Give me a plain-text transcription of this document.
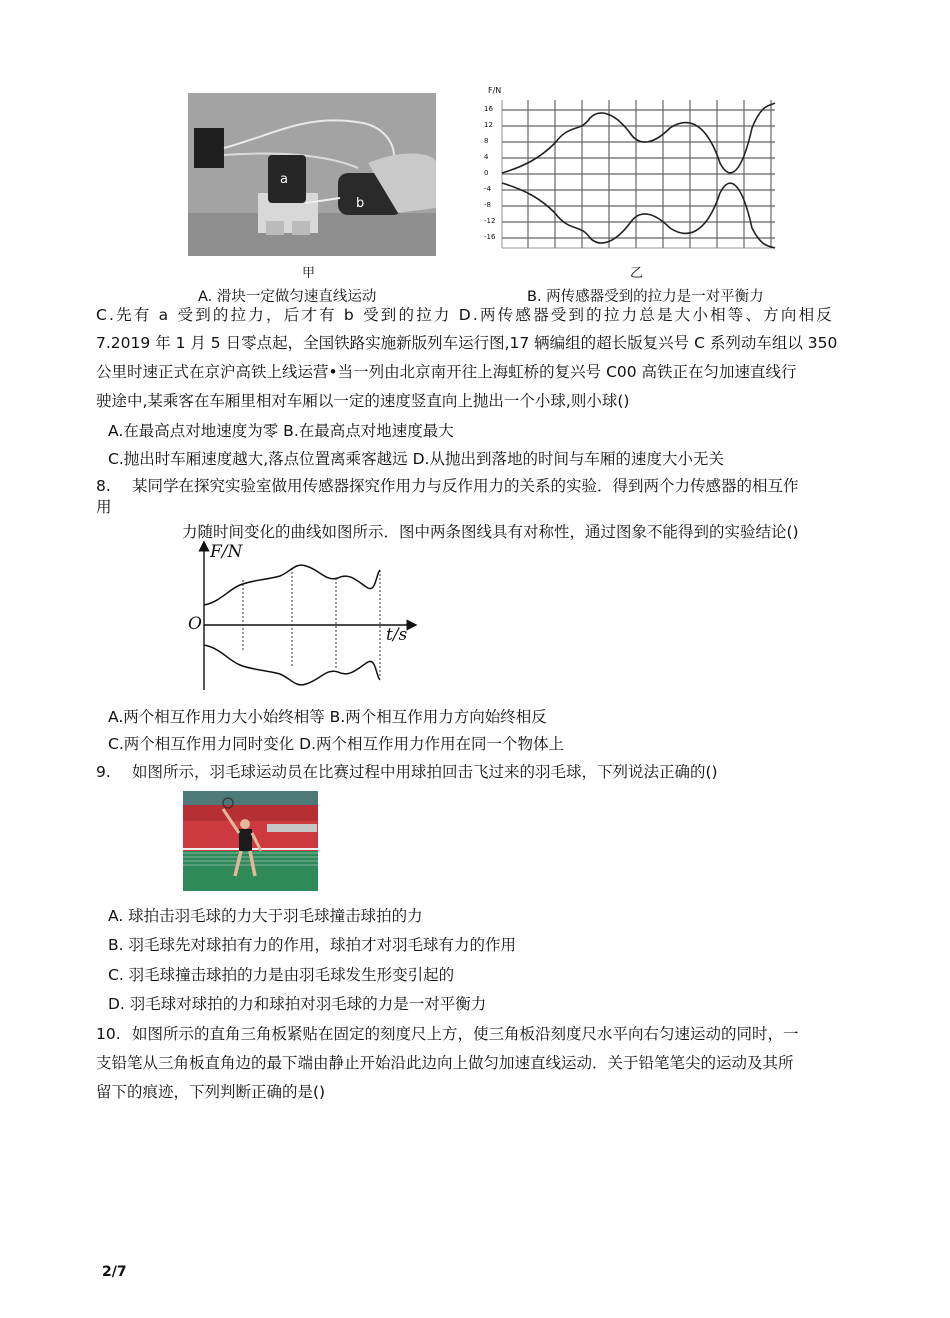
a
b
甲
F/N
乙
A. 滑块一定做匀速直线运动	B. 两传感器受到的拉力是一对平衡力
C.先有 a 受到的拉力，后才有 b 受到的拉力 D.两传感器受到的拉力总是大小相等、方向相反
7.2019 年 1 月 5 日零点起，全国铁路实施新版列车运行图,17 辆编组的超长版复兴号 C 系列动车组以 350
公里时速正式在京沪高铁上线运营•当一列由北京南开往上海虹桥的复兴号 C00 高铁正在匀加速直线行
驶途中,某乘客在车厢里相对车厢以一定的速度竖直向上抛出一个小球,则小球()
A.在最高点对地速度为零 B.在最高点对地速度最大
C.抛出时车厢速度越大,落点位置离乘客越远 D.从抛出到落地的时间与车厢的速度大小无关
8. 某同学在探究实验室做用传感器探究作用力与反作用力的关系的实验．得到两个力传感器的相互作
用
力随时间变化的曲线如图所示．图中两条图线具有对称性，通过图象不能得到的实验结论()
F/N
O
t/s
A.两个相互作用力大小始终相等 B.两个相互作用力方向始终相反
C.两个相互作用力同时变化 D.两个相互作用力作用在同一个物体上
9. 如图所示，羽毛球运动员在比赛过程中用球拍回击飞过来的羽毛球，下列说法正确的()
A. 球拍击羽毛球的力大于羽毛球撞击球拍的力
B. 羽毛球先对球拍有力的作用，球拍才对羽毛球有力的作用
C. 羽毛球撞击球拍的力是由羽毛球发生形变引起的
D. 羽毛球对球拍的力和球拍对羽毛球的力是一对平衡力
10. 如图所示的直角三角板紧贴在固定的刻度尺上方，使三角板沿刻度尺水平向右匀速运动的同时，一
支铅笔从三角板直角边的最下端由静止开始沿此边向上做匀加速直线运动．关于铅笔笔尖的运动及其所
留下的痕迹，下列判断正确的是()
2/7
16
12
8
4
0
-4
-8
-12
-16
